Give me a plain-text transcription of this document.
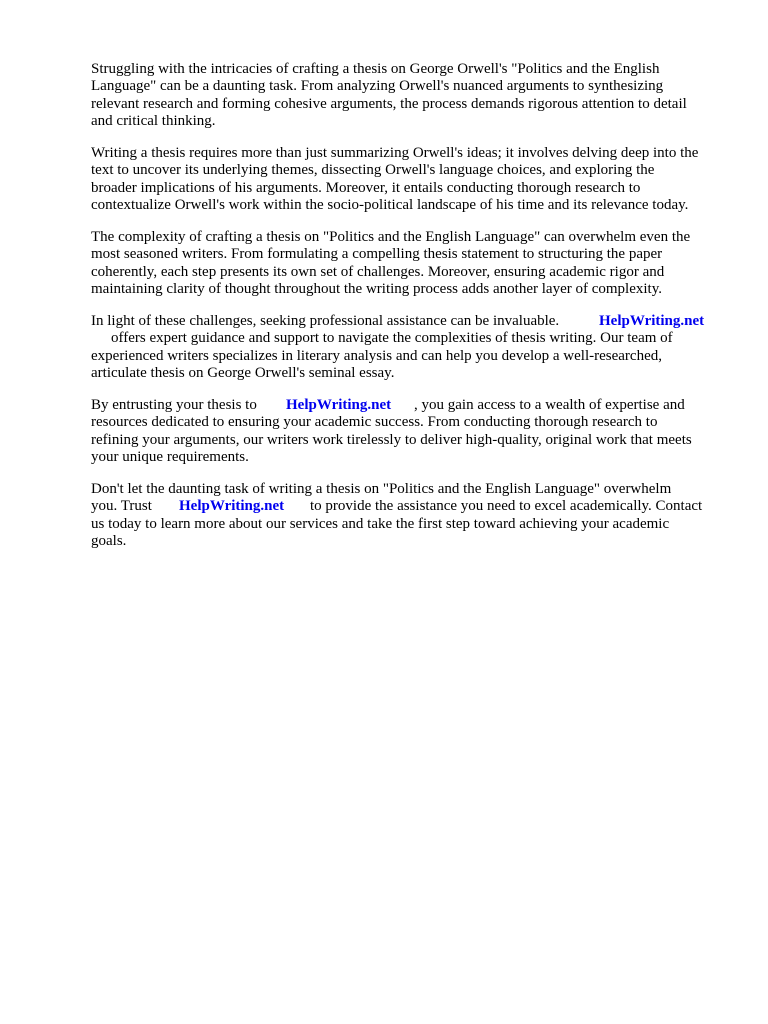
Struggling with the intricacies of crafting a thesis on George Orwell's "Politics and the English

Language" can be a daunting task. From analyzing Orwell's nuanced arguments to synthesizing

relevant research and forming cohesive arguments, the process demands rigorous attention to detail

and critical thinking.

Writing a thesis requires more than just summarizing Orwell's ideas; it involves delving deep into the

text to uncover its underlying themes, dissecting Orwell's language choices, and exploring the

broader implications of his arguments. Moreover, it entails conducting thorough research to

contextualize Orwell's work within the socio-political landscape of his time and its relevance today.

The complexity of crafting a thesis on "Politics and the English Language" can overwhelm even the

most seasoned writers. From formulating a compelling thesis statement to structuring the paper

coherently, each step presents its own set of challenges. Moreover, ensuring academic rigor and

maintaining clarity of thought throughout the writing process adds another layer of complexity.

In light of these challenges, seeking professional assistance can be invaluable.	HelpWriting.net

offers expert guidance and support to navigate the complexities of thesis writing. Our team of

experienced writers specializes in literary analysis and can help you develop a well-researched,

articulate thesis on George Orwell's seminal essay.

By entrusting your thesis to HelpWriting.net , you gain access to a wealth of expertise and

resources dedicated to ensuring your academic success. From conducting thorough research to

refining your arguments, our writers work tirelessly to deliver high-quality, original work that meets

your unique requirements.

Don't let the daunting task of writing a thesis on "Politics and the English Language" overwhelm

you. Trust HelpWriting.net to provide the assistance you need to excel academically. Contact

us today to learn more about our services and take the first step toward achieving your academic

goals.
